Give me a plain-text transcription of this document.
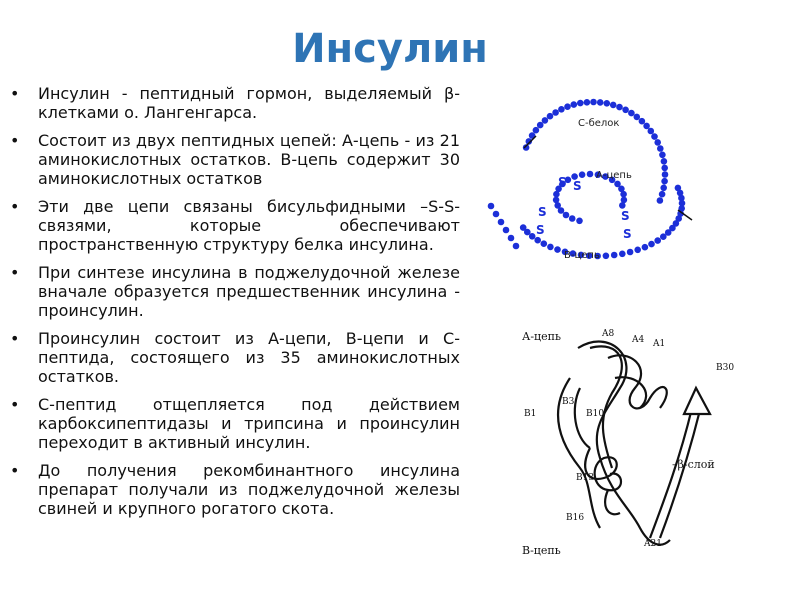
Инсулин
• Инсулин - пептидный гормон, выделяемый β-клетками о. Лангенгарса.
• Состоит из двух пептидных цепей: А-цепь - из 21 аминокислотных остатков. В-цепь содержит 30 аминокислотных остатков
• Эти две цепи связаны бисульфидными –S-S- связями, которые обеспечивают пространственную структуру белка инсулина.
• При синтезе инсулина в поджелудочной железе вначале образуется предшественник инсулина - проинсулин.
• Проинсулин состоит из А-цепи, В-цепи и С-пептида, состоящего из 35 аминокислотных остатков.
• С-пептид отщепляется под действием карбоксипептидазы и трипсина и проинсулин переходит в активный инсулин.
• До получения рекомбинантного инсулина препарат получали из поджелудочной железы свиней и крупного рогатого скота.
С-белок
А-цепь
В-цепь
S S
S
S
S
S
А-цепь
В-цепь
–β-слой
A8
A4 A1
B30
B1
B3
B10
B13
B16
A21
